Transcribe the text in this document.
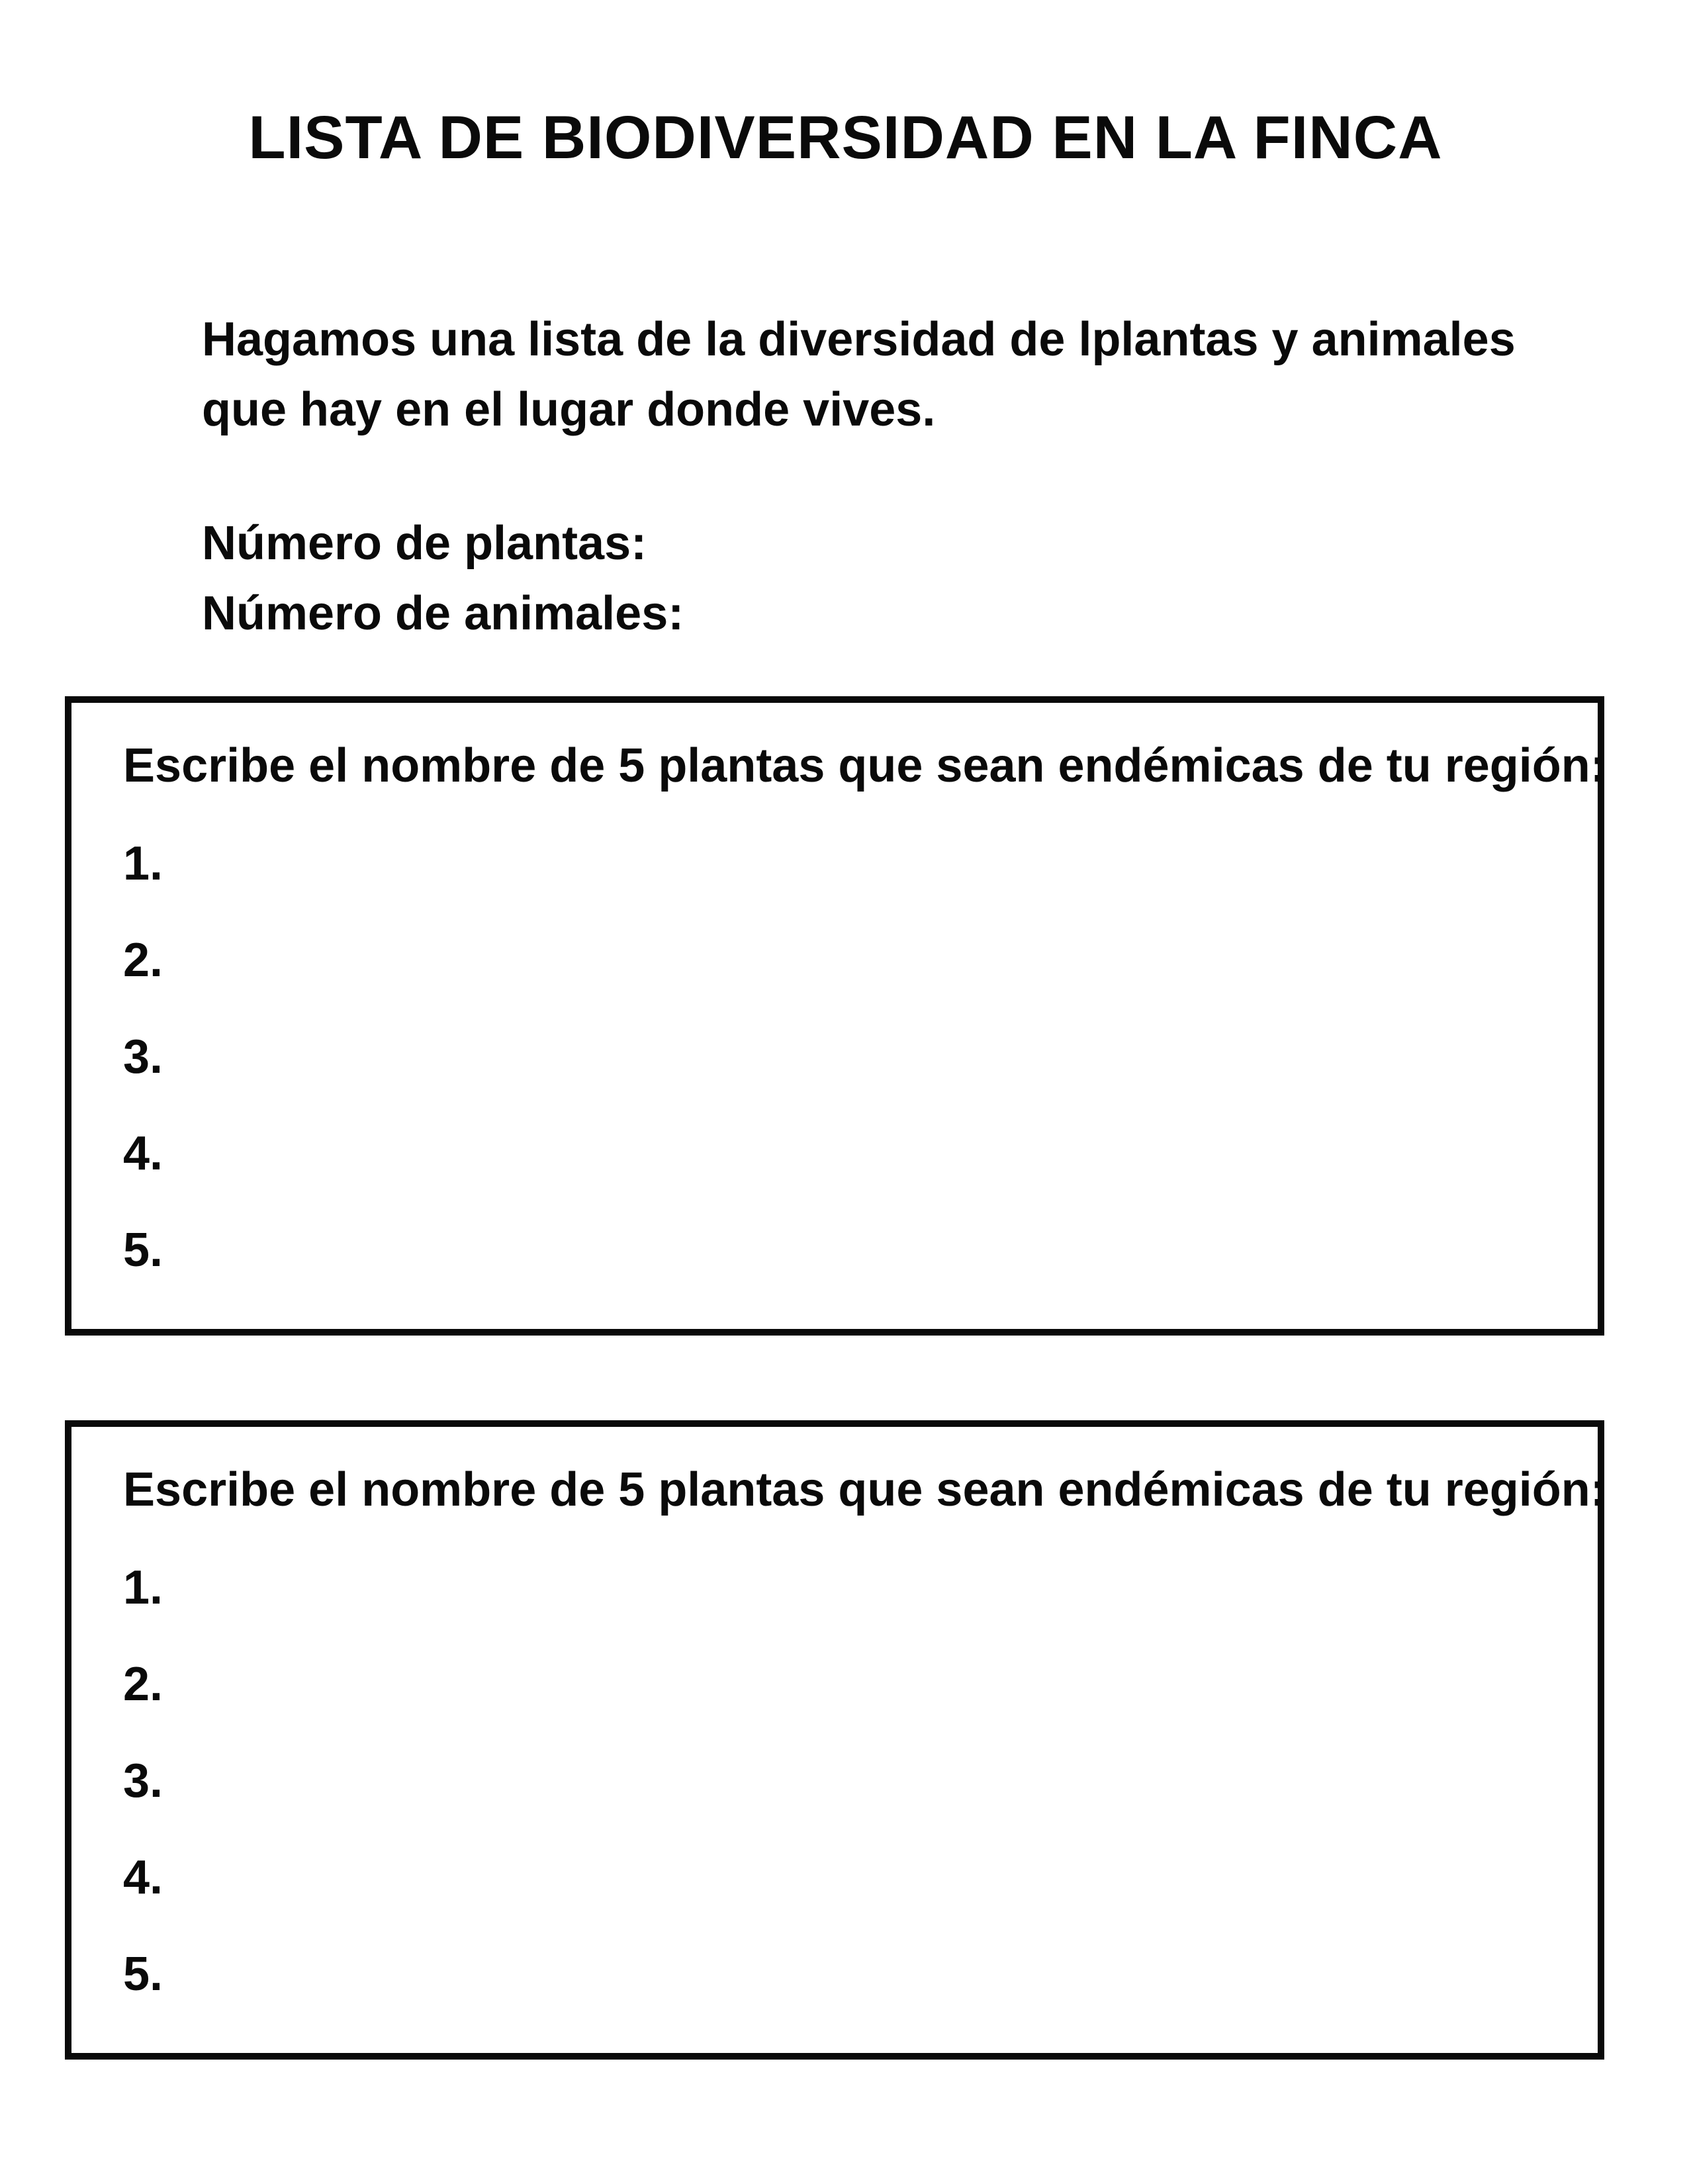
LISTA DE BIODIVERSIDAD EN LA FINCA
Hagamos una lista de la diversidad de lplantas y animales
que hay en el lugar donde vives.
Número de plantas:
Número de animales:
Escribe el nombre de 5 plantas que sean endémicas de tu región:
1.
2.
3.
4.
5.
Escribe el nombre de 5 plantas que sean endémicas de tu región:
1.
2.
3.
4.
5.
